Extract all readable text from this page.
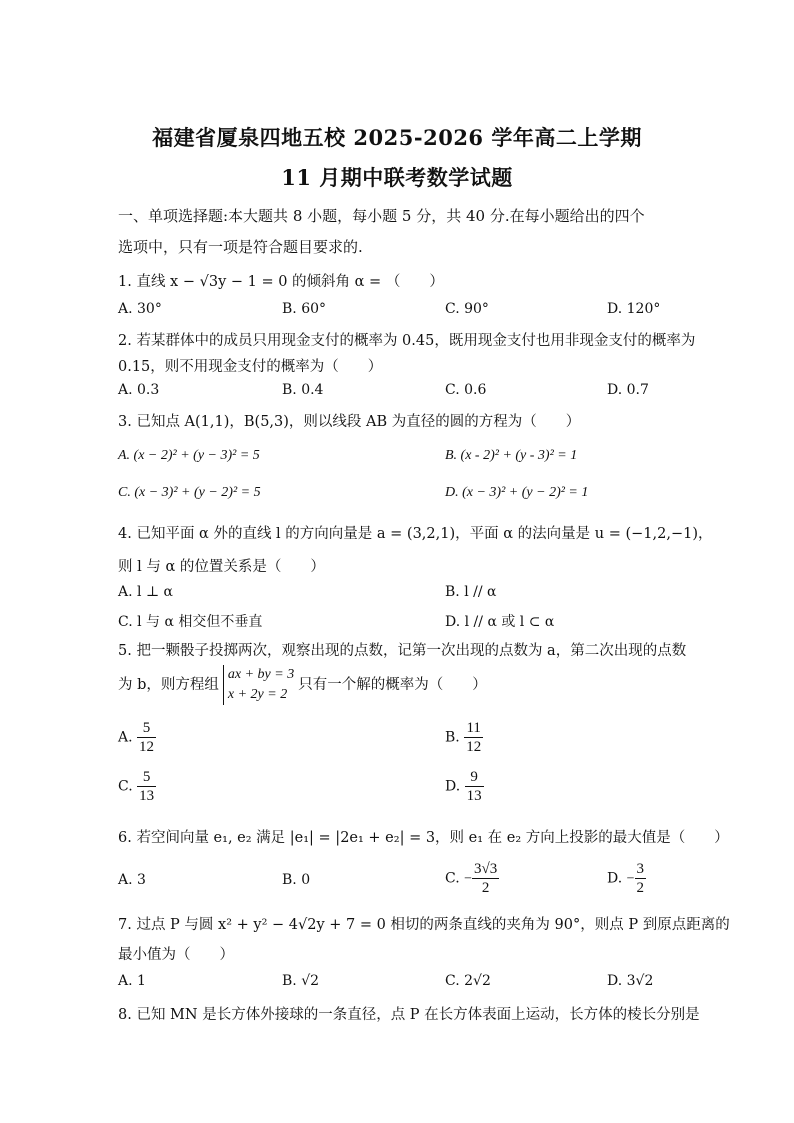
福建省厦泉四地五校 2025-2026 学年高二上学期
11 月期中联考数学试题
一、单项选择题:本大题共 8 小题，每小题 5 分，共 40 分.在每小题给出的四个
选项中，只有一项是符合题目要求的.
1. 直线 x − √3y − 1 = 0 的倾斜角 α = （　　）
A. 30°	B. 60°	C. 90°	D. 120°
2. 若某群体中的成员只用现金支付的概率为 0.45，既用现金支付也用非现金支付的概率为
0.15，则不用现金支付的概率为（　　）
A. 0.3	B. 0.4	C. 0.6	D. 0.7
3. 已知点 A(1,1)，B(5,3)，则以线段 AB 为直径的圆的方程为（　　）
A. (x − 2)² + (y − 3)² = 5	B. (x - 2)² + (y - 3)² = 1
C. (x − 3)² + (y − 2)² = 5	D. (x − 3)² + (y − 2)² = 1
4. 已知平面 α 外的直线 l 的方向向量是 a = (3,2,1)，平面 α 的法向量是 u = (−1,2,−1)，
则 l 与 α 的位置关系是（　　）
A. l ⊥ α	B. l // α
C. l 与 α 相交但不垂直	D. l // α 或 l ⊂ α
5. 把一颗骰子投掷两次，观察出现的点数，记第一次出现的点数为 a，第二次出现的点数
为 b，则方程组
ax + by = 3
x + 2y = 2
只有一个解的概率为（　　）
A. $\frac{5}{12}$	B. $\frac{11}{12}$
C. $\frac{5}{13}$	D. $\frac{9}{13}$
6. 若空间向量 e₁, e₂ 满足 |e₁| = |2e₁ + e₂| = 3，则 e₁ 在 e₂ 方向上投影的最大值是（　　）
A. 3	B. 0	C. − $\frac{3√3}{2}$	D. − $\frac{3}{2}$
7. 过点 P 与圆 x² + y² − 4√2y + 7 = 0 相切的两条直线的夹角为 90°，则点 P 到原点距离的
最小值为（　　）
A. 1	B. √2	C. 2√2	D. 3√2
8. 已知 MN 是长方体外接球的一条直径，点 P 在长方体表面上运动，长方体的棱长分别是
